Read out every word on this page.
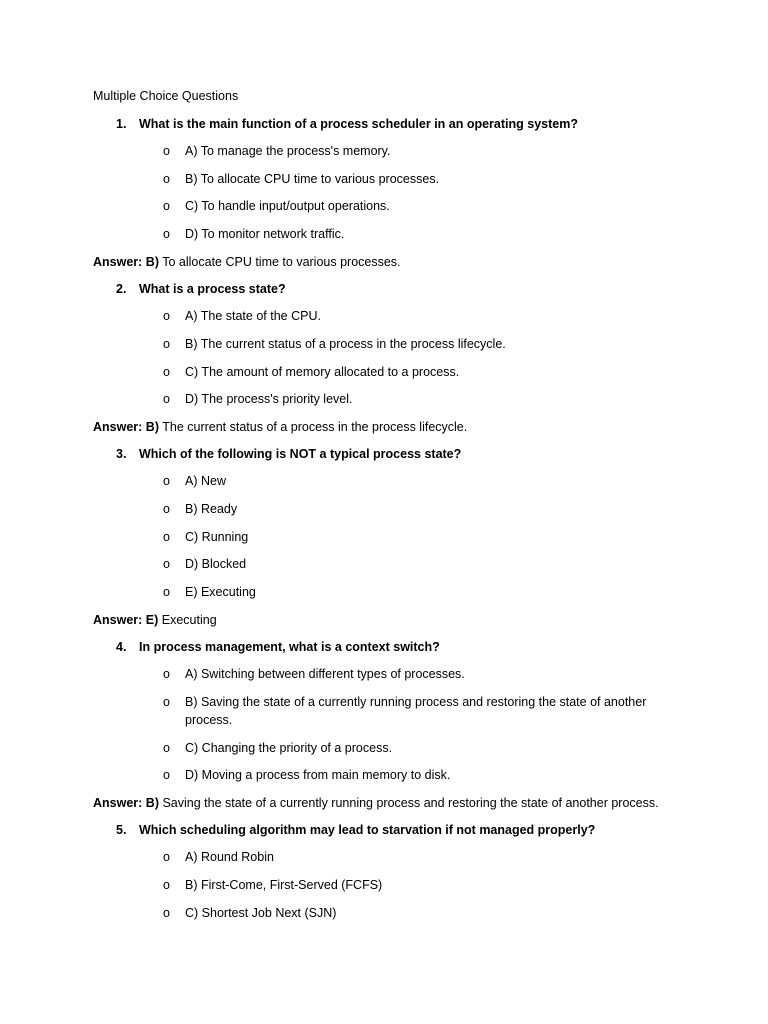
Multiple Choice Questions
1. What is the main function of a process scheduler in an operating system?
o A) To manage the process's memory.
o B) To allocate CPU time to various processes.
o C) To handle input/output operations.
o D) To monitor network traffic.
Answer: B) To allocate CPU time to various processes.
2. What is a process state?
o A) The state of the CPU.
o B) The current status of a process in the process lifecycle.
o C) The amount of memory allocated to a process.
o D) The process's priority level.
Answer: B) The current status of a process in the process lifecycle.
3. Which of the following is NOT a typical process state?
o A) New
o B) Ready
o C) Running
o D) Blocked
o E) Executing
Answer: E) Executing
4. In process management, what is a context switch?
o A) Switching between different types of processes.
o B) Saving the state of a currently running process and restoring the state of another process.
o C) Changing the priority of a process.
o D) Moving a process from main memory to disk.
Answer: B) Saving the state of a currently running process and restoring the state of another process.
5. Which scheduling algorithm may lead to starvation if not managed properly?
o A) Round Robin
o B) First-Come, First-Served (FCFS)
o C) Shortest Job Next (SJN)
